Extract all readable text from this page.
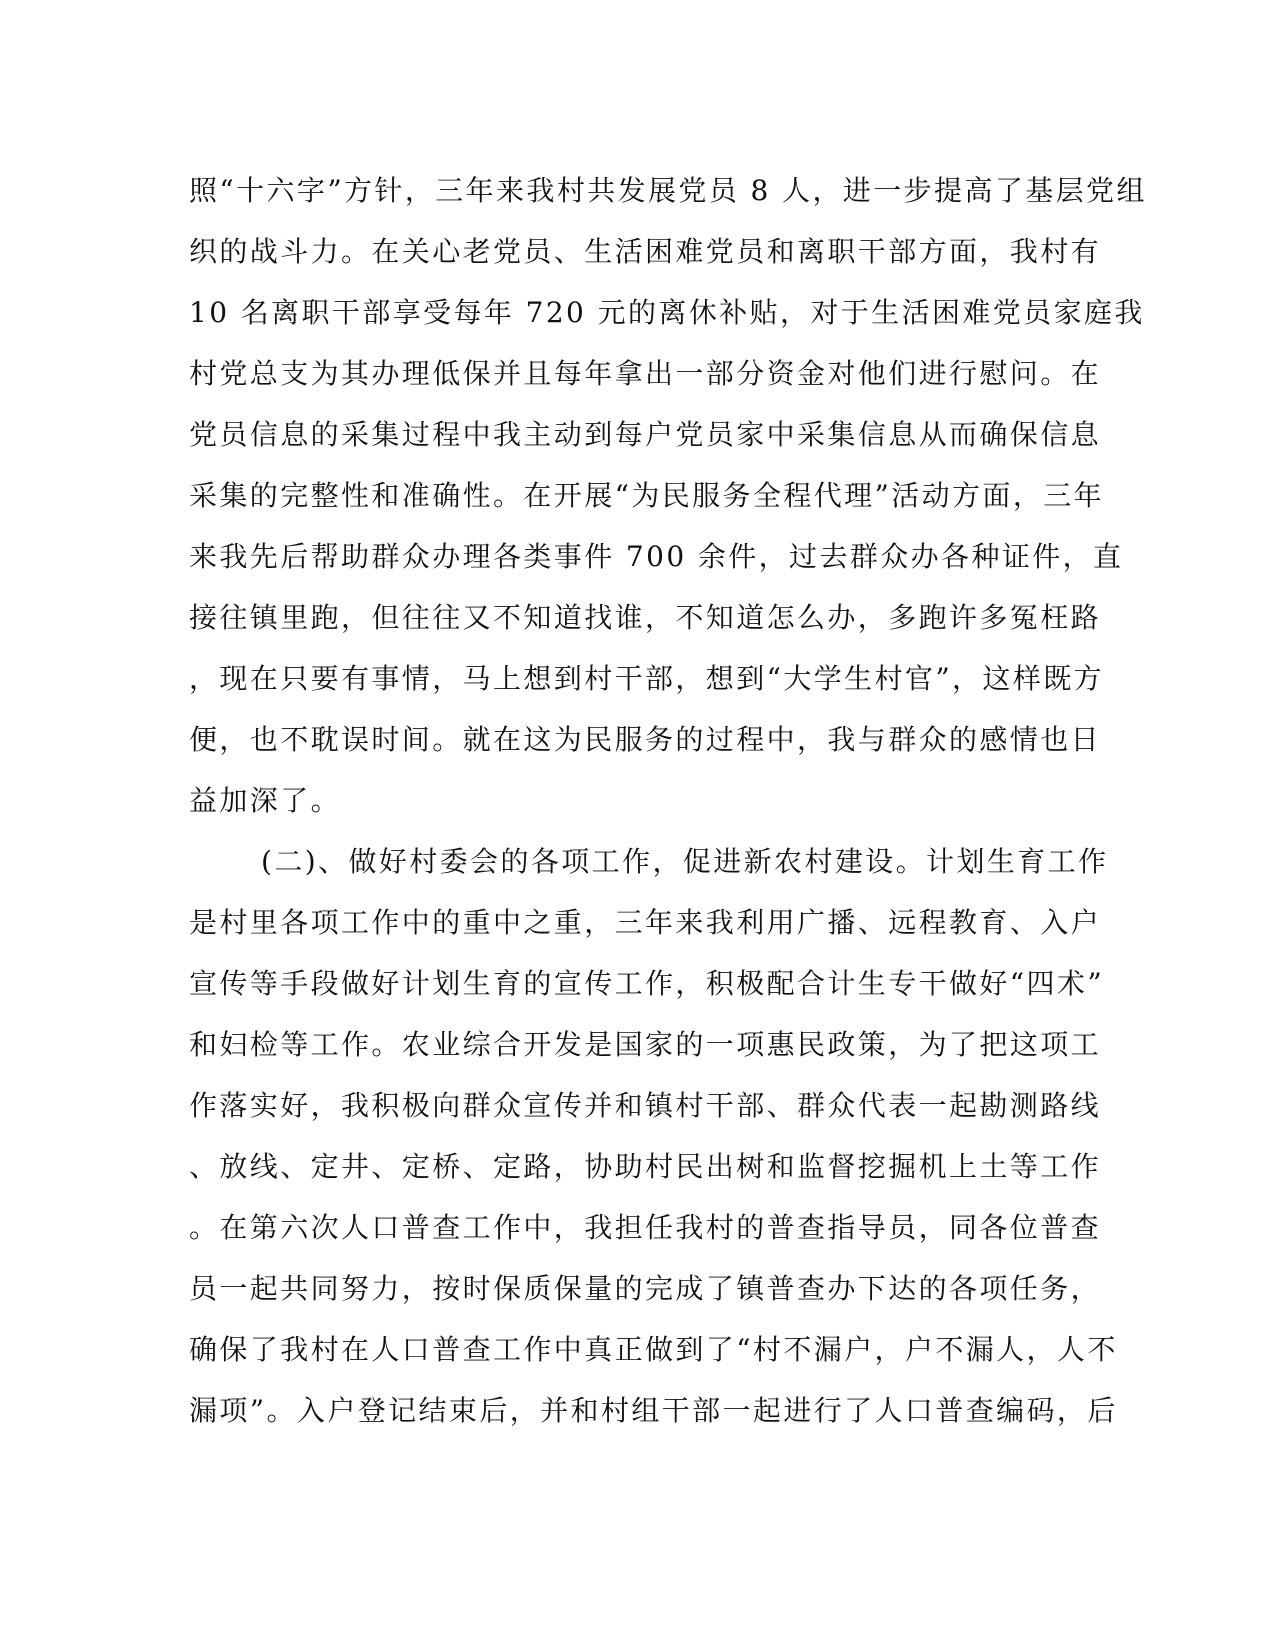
照“十六字”方针，三年来我村共发展党员 8 人，进一步提高了基层党组
织的战斗力。在关心老党员、生活困难党员和离职干部方面，我村有
10 名离职干部享受每年 720 元的离休补贴，对于生活困难党员家庭我
村党总支为其办理低保并且每年拿出一部分资金对他们进行慰问。在
党员信息的采集过程中我主动到每户党员家中采集信息从而确保信息
采集的完整性和准确性。在开展“为民服务全程代理”活动方面，三年
来我先后帮助群众办理各类事件 700 余件，过去群众办各种证件，直
接往镇里跑，但往往又不知道找谁，不知道怎么办，多跑许多冤枉路
，现在只要有事情，马上想到村干部，想到“大学生村官”，这样既方
便，也不耽误时间。就在这为民服务的过程中，我与群众的感情也日
益加深了。
(二)、做好村委会的各项工作，促进新农村建设。计划生育工作
是村里各项工作中的重中之重，三年来我利用广播、远程教育、入户
宣传等手段做好计划生育的宣传工作，积极配合计生专干做好“四术”
和妇检等工作。农业综合开发是国家的一项惠民政策，为了把这项工
作落实好，我积极向群众宣传并和镇村干部、群众代表一起勘测路线
、放线、定井、定桥、定路，协助村民出树和监督挖掘机上土等工作
。在第六次人口普查工作中，我担任我村的普查指导员，同各位普查
员一起共同努力，按时保质保量的完成了镇普查办下达的各项任务，
确保了我村在人口普查工作中真正做到了“村不漏户，户不漏人，人不
漏项”。入户登记结束后，并和村组干部一起进行了人口普查编码，后
